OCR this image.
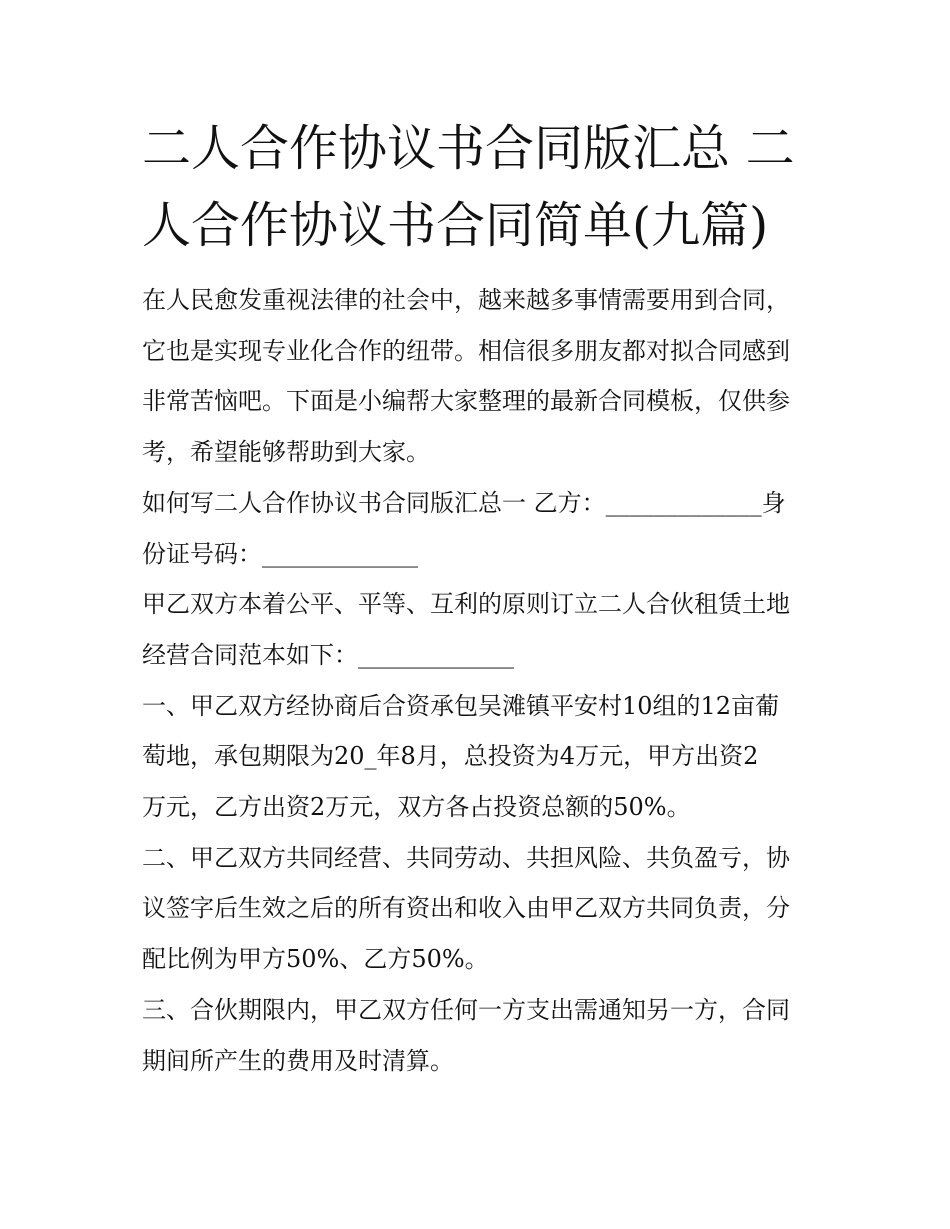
二人合作协议书合同版汇总 二
人合作协议书合同简单(九篇)

在人民愈发重视法律的社会中，越来越多事情需要用到合同，
它也是实现专业化合作的纽带。相信很多朋友都对拟合同感到
非常苦恼吧。下面是小编帮大家整理的最新合同模板，仅供参
考，希望能够帮助到大家。

如何写二人合作协议书合同版汇总一 乙方：_____________身
份证号码：_____________

甲乙双方本着公平、平等、互利的原则订立二人合伙租赁土地
经营合同范本如下：_____________

一、甲乙双方经协商后合资承包吴滩镇平安村10组的12亩葡
萄地，承包期限为20_年8月，总投资为4万元，甲方出资2
万元，乙方出资2万元，双方各占投资总额的50%。

二、甲乙双方共同经营、共同劳动、共担风险、共负盈亏，协
议签字后生效之后的所有资出和收入由甲乙双方共同负责，分
配比例为甲方50%、乙方50%。

三、合伙期限内，甲乙双方任何一方支出需通知另一方，合同
期间所产生的费用及时清算。
